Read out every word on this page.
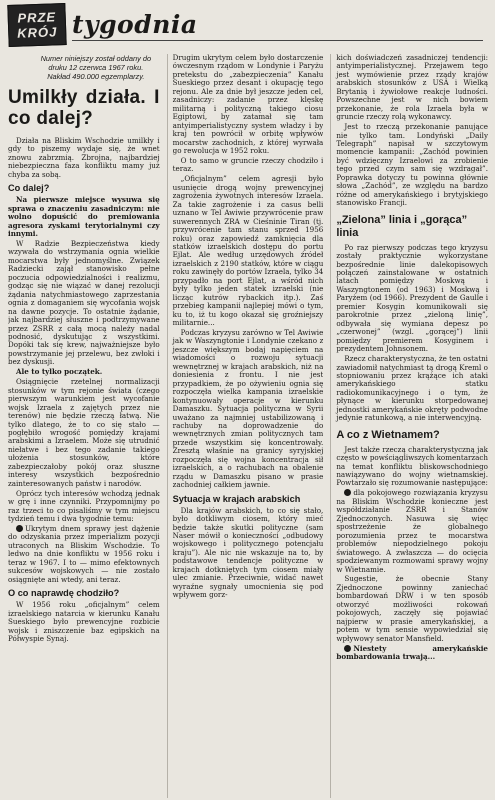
PRZE
KRÓJ tygodnia
Numer niniejszy został oddany do druku 12 czerwca 1967 roku. Nakład 490.000 egzemplarzy.
Umilkły działa. I co dalej?

Działa na Bliskim Wschodzie umilkły i gdy to piszemy wydaje się, że wnet znowu zabrzmią. Zbrojna, najbardziej niebezpieczna faza konfliktu mamy już chyba za sobą.

Co dalej?

Na pierwsze miejsce wysuwa się sprawa o znaczeniu zasadniczym: nie wolno dopuścić do premiowania agresora zyskami terytorialnymi czy innymi.

W Radzie Bezpieczeństwa kiedy wzywała do wstrzymania ognia wielkie mocarstwa były jednomyślne. Związek Radziecki zajął stanowisko pełne poczucia odpowiedzialności i realizmu, godząc się nie wiązać w danej rezolucji żądania natychmiastowego zaprzestania ognia z domaganiem się wycofania wojsk na dawne pozycje. To ostatnie żądanie, jak najbardziej słuszne i podtrzymywane przez ZSRR z całą mocą należy nadal podnosić, dyskutując z wszystkimi. Dopóki tak się krew, najważniejsze było powstrzymanie jej przelewu, bez zwłoki i bez dyskusji.

Ale to tylko początek.

Osiągnięcie rzetelnej normalizacji stosunków w tym rejonie świata (czego pierwszym warunkiem jest wycofanie wojsk Izraela z zajętych przez nie terenów) nie będzie rzeczą łatwą. Nie tylko dlatego, że to co się stało — pogłębiło wrogość pomiędzy krajami arabskimi a Izraelem. Może się utrudnić niełatwe i bez tego zadanie takiego ułożenia stosunków, które zabezpieczałoby pokój oraz słuszne interesy wszystkich bezpośrednio zainteresowanych państw i narodów.

Oprócz tych interesów wchodzą jednak w grę i inne czynniki. Przypomnijmy po raz trzeci to co pisaliśmy w tym miejscu tydzień temu i dwa tygodnie temu:

Ukrytym dnem sprawy jest dążenie do odzyskania przez imperializm pozycji utraconych na Bliskim Wschodzie. To ledwo na dnie konfliktu w 1956 roku i teraz w 1967. I to — mimo efektownych sukcesów wojskowych — nie zostało osiągnięte ani wtedy, ani teraz.

O co naprawdę chodziło?

W 1956 roku „oficjalnym” celem izraelskiego natarcia w kierunku Kanału Sueskiego było prewencyjne rozbicie wojsk i zniszczenie baz egipskich na Półwyspie Synaj.

Drugim ukrytym celem było dostarczenie ówczesnym rządom w Londynie i Paryżu pretekstu do „zabezpieczenia” Kanału Sueskiego przez desant i okupację tego rejonu. Ale za dnie był jeszcze jeden cel, zasadniczy: zadanie przez klęskę militarną i polityczną takiego ciosu Egiptowi, by zatamał się tam antyimperialistyczny system władzy i by kraj ten powrócił w orbitę wpływów mocarstw zachodnich, z której wyrwała go rewolucja w 1952 roku.

O to samo w gruncie rzeczy chodziło i teraz.

„Oficjalnym” celem agresji było usunięcie drogą wojny prewencyjnej zagrożenia żywotnych interesów Izraela. Za takie zagrożenie i za casus belli uznano w Tel Awiwie przywrócenie praw suwerennych ZRA w Cieśninie Tiran (tj. przywrócenie tam stanu sprzed 1956 roku) oraz zapowiedź zamknięcia dla statków izraelskich dostępu do portu Ejlat. Ale według urzędowych źródeł izraelskich z 2190 statków, które w ciągu roku zawinęły do portów Izraela, tylko 34 przypadło na port Ejlat, a wśród nich były tylko jeden statek izraelski (nie licząc kutrów rybackich itp.). Zaś przebieg kampanii najlepiej mówi o tym, ku to, iż tu kogo okazał się groźniejszy militarnie...

Podczas kryzysu zarówno w Tel Awiwie jak w Waszyngtonie i Londynie czekano z jeszcze większym bodaj napięciem na wiadomości o rozwoju sytuacji wewnętrznej w krajach arabskich, niż na doniesienia z frontu. I nie jest przypadkiem, że po ożywieniu ognia się rozpoczęła wielka kampania izraelskie kontynuowały operacje w kierunku Damaszku. Sytuacja polityczna w Syrii uważano za najmniej ustabilizowaną i rachuby na doprowadzenie do wewnętrznych zmian politycznych tam przede wszystkim się koncentrowały. Zresztą właśnie na granicy syryjskiej rozpoczęła się wojna koncentracja sił izraelskich, a o rachubach na obalenie rządu w Damaszku pisano w prasie zachodniej całkiem jawnie.

Sytuacja w krajach arabskich

Dla krajów arabskich, to co się stało, było dotkliwym ciosem, który mieć będzie także skutki polityczne (sam Naser mówił o konieczności „odbudowy wojskowego i politycznego potencjału kraju”). Ale nic nie wskazuje na to, by podstawowe tendencje polityczne w krajach dotkniętych tym ciosem miały ulec zmianie. Przeciwnie, widać nawet wyraźne sygnały umocnienia się pod wpływem gorz-

kich doświadczeń zasadniczej tendencji: antyimperialistycznej. Przejawem tego jest wymówienie przez rządy krajów arabskich stosunków z USA i Wielką Brytanią i żywiołowe reakcje ludności. Powszechne jest w nich bowiem przekonanie, że rola Izraela była w gruncie rzeczy rolą wykonawcy.

Jest to rzeczą przekonanie panujące nie tylko tam. Londyński „Daily Telegraph” napisał w szczytowym momencie kampanii: „Zachód powinien być wdzięczny Izraelowi za zrobienie tego przed czym sam się wzdragał”. Poprawka dotyczy tu powinna głównie słowa „Zachód”, ze względu na bardzo różne od amerykańskiego i brytyjskiego stanowisko Francji.

„Zielona” linia i „gorąca” linia

Po raz pierwszy podczas tego kryzysu zostały praktycznie wykorzystane bezpośrednie linie dalekopisowych połączeń zainstalowane w ostatnich latach pomiędzy Moskwą i Waszyngtonem (od 1963) i Moskwą i Paryżem (od 1966). Prezydent de Gaulle i premier Kosygin komunikowali się parokrotnie przez „zieloną linię”, odbywała się wymiana depesz po „czerwonej” (wzgl. „gorącej”) linii pomiędzy premierem Kosyginem i prezydentem Johnsonem.

Rzecz charakterystyczna, że ten ostatni zawiadomił natychmiast tą drogą Kreml o stopniowaniu przez krążące ich ataki amerykańskiego statku radiokomunikacyjnego i o tym, że płynące w kierunku storpedowanej jednostki amerykańskie okręty podwodne jedynie ratunkową, a nie interwencyjną.

A co z Wietnamem?

Jest także rzeczą charakterystyczną jak często w powściągliwszych komentarzach na temat konfliktu bliskowschodniego nawiązywano do wojny wietnamskiej. Powtarzało się rozumowanie następujące:

dla pokojowego rozwiązania kryzysu na Bliskim Wschodzie konieczne jest współdziałanie ZSRR i Stanów Zjednoczonych. Nasuwa się więc spostrzeżenie że globalnego porozumienia przez te mocarstwa problemów niepodzielnego pokoju światowego. A zwłaszcza — do ocięcia spodziewanym rozmowami sprawy wojny w Wietnamie.

Sugestie, że obecnie Stany Zjednoczone powinny zaniechać bombardowań DRW i w ten sposób otworzyć możliwości rokowań pokojowych, zaczęły się pojawiać najpierw w prasie amerykańskiej, a potem w tym sensie wypowiedział się wpływowy senator Mansfield.

Niestety amerykańskie bombardowania trwają...
